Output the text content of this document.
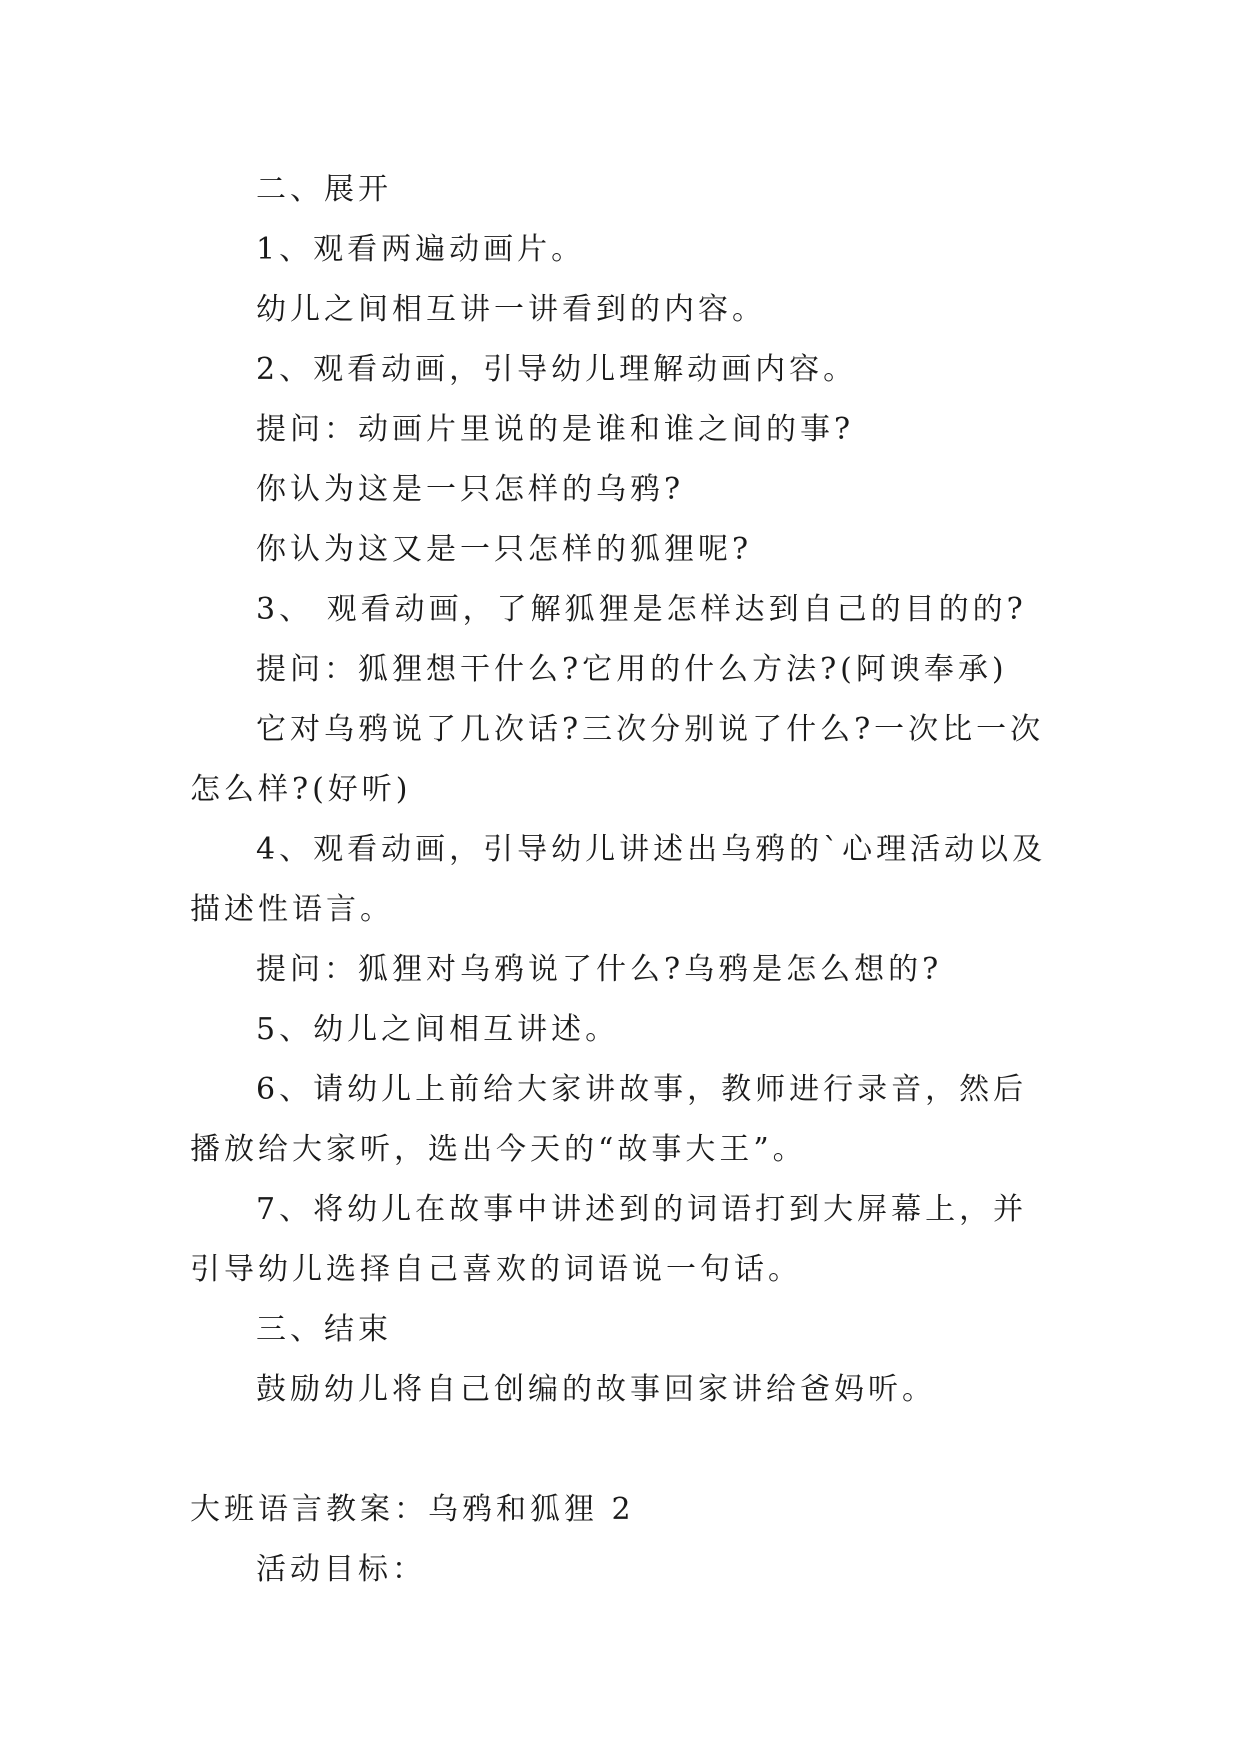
二、展开

1、观看两遍动画片。

幼儿之间相互讲一讲看到的内容。

2、观看动画，引导幼儿理解动画内容。

提问：动画片里说的是谁和谁之间的事?

你认为这是一只怎样的乌鸦?

你认为这又是一只怎样的狐狸呢?

3、 观看动画，了解狐狸是怎样达到自己的目的的?

提问：狐狸想干什么?它用的什么方法?(阿谀奉承)

它对乌鸦说了几次话?三次分别说了什么?一次比一次怎么样?(好听)

4、观看动画，引导幼儿讲述出乌鸦的`心理活动以及描述性语言。

提问：狐狸对乌鸦说了什么?乌鸦是怎么想的?

5、幼儿之间相互讲述。

6、请幼儿上前给大家讲故事，教师进行录音，然后播放给大家听，选出今天的“故事大王”。

7、将幼儿在故事中讲述到的词语打到大屏幕上，并引导幼儿选择自己喜欢的词语说一句话。

三、结束

鼓励幼儿将自己创编的故事回家讲给爸妈听。

大班语言教案：乌鸦和狐狸 2

活动目标：
